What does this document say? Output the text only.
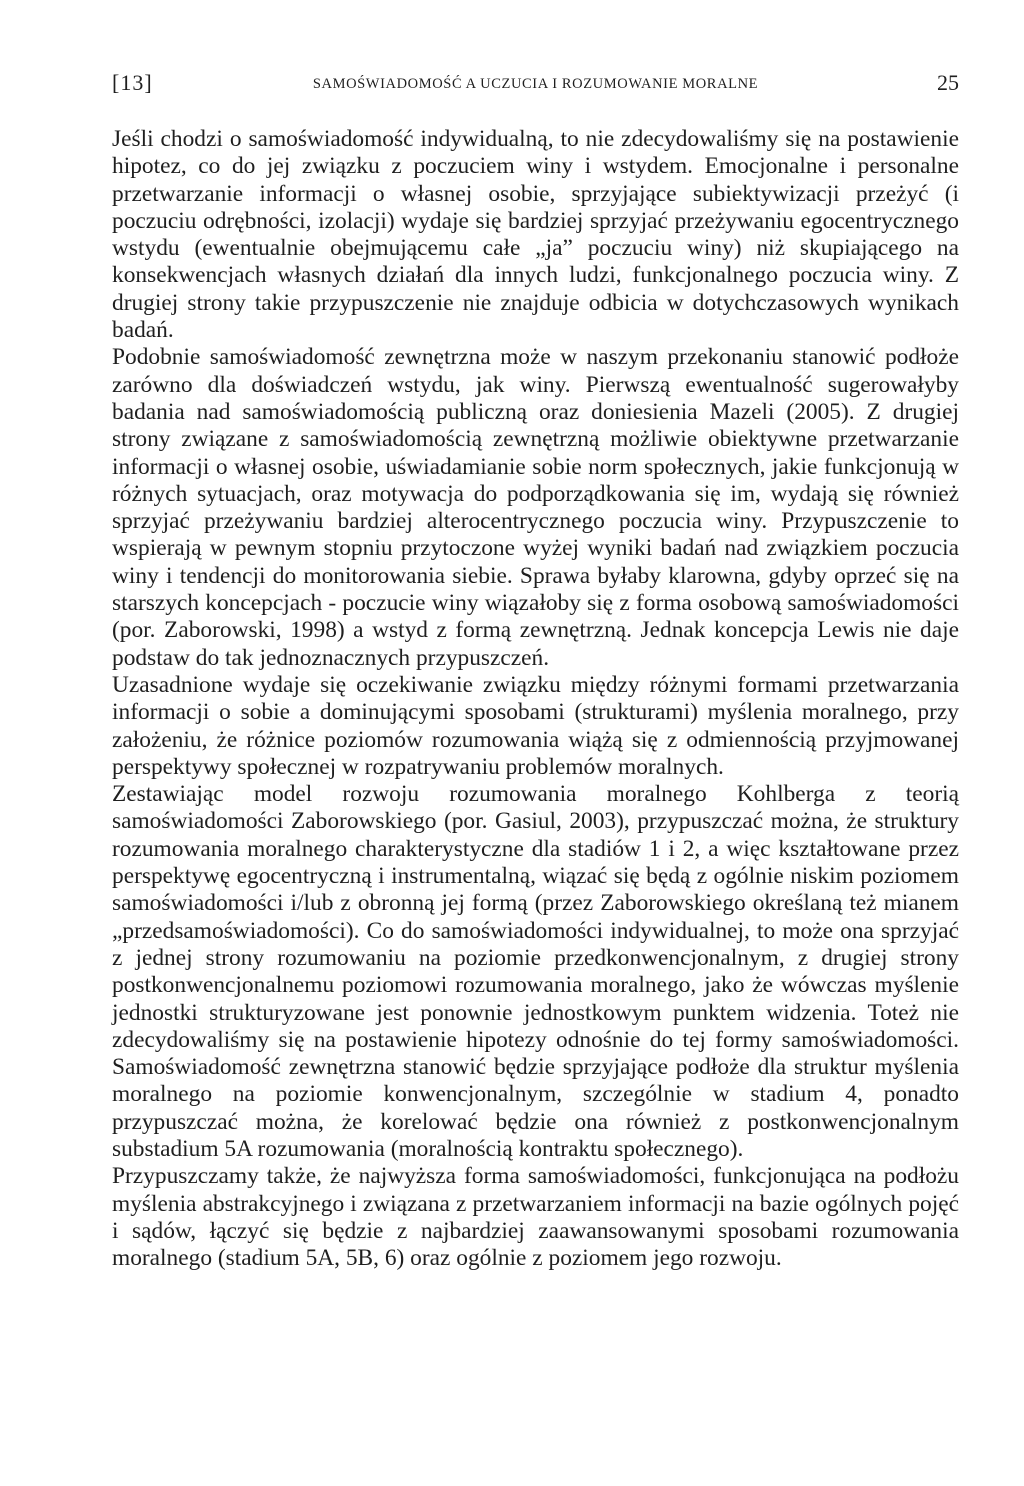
[13]	SAMOŚWIADOMOŚĆ A UCZUCIA I ROZUMOWANIE MORALNE	25

Jeśli chodzi o samoświadomość indywidualną, to nie zdecydowaliśmy się na postawienie hipotez, co do jej związku z poczuciem winy i wstydem. Emocjonalne i personalne przetwarzanie informacji o własnej osobie, sprzyjające subiektywizacji przeżyć (i poczuciu odrębności, izolacji) wydaje się bardziej sprzyjać przeżywaniu egocentrycznego wstydu (ewentualnie obejmującemu całe „ja” poczuciu winy) niż skupiającego na konsekwencjach własnych działań dla innych ludzi, funkcjonalnego poczucia winy. Z drugiej strony takie przypuszczenie nie znajduje odbicia w dotychczasowych wynikach badań.

Podobnie samoświadomość zewnętrzna może w naszym przekonaniu stanowić podłoże zarówno dla doświadczeń wstydu, jak winy. Pierwszą ewentualność sugerowałyby badania nad samoświadomością publiczną oraz doniesienia Mazeli (2005). Z drugiej strony związane z samoświadomością zewnętrzną możliwie obiektywne przetwarzanie informacji o własnej osobie, uświadamianie sobie norm społecznych, jakie funkcjonują w różnych sytuacjach, oraz motywacja do podporządkowania się im, wydają się również sprzyjać przeżywaniu bardziej alterocentrycznego poczucia winy. Przypuszczenie to wspierają w pewnym stopniu przytoczone wyżej wyniki badań nad związkiem poczucia winy i tendencji do monitorowania siebie. Sprawa byłaby klarowna, gdyby oprzeć się na starszych koncepcjach - poczucie winy wiązałoby się z forma osobową samoświadomości (por. Zaborowski, 1998) a wstyd z formą zewnętrzną. Jednak koncepcja Lewis nie daje podstaw do tak jednoznacznych przypuszczeń.

Uzasadnione wydaje się oczekiwanie związku między różnymi formami przetwarzania informacji o sobie a dominującymi sposobami (strukturami) myślenia moralnego, przy założeniu, że różnice poziomów rozumowania wiążą się z odmiennością przyjmowanej perspektywy społecznej w rozpatrywaniu problemów moralnych.

Zestawiając model rozwoju rozumowania moralnego Kohlberga z teorią samoświadomości Zaborowskiego (por. Gasiul, 2003), przypuszczać można, że struktury rozumowania moralnego charakterystyczne dla stadiów 1 i 2, a więc kształtowane przez perspektywę egocentryczną i instrumentalną, wiązać się będą z ogólnie niskim poziomem samoświadomości i/lub z obronną jej formą (przez Zaborowskiego określaną też mianem „przedsamoświadomości). Co do samoświadomości indywidualnej, to może ona sprzyjać z jednej strony rozumowaniu na poziomie przedkonwencjonalnym, z drugiej strony postkonwencjonalnemu poziomowi rozumowania moralnego, jako że wówczas myślenie jednostki strukturyzowane jest ponownie jednostkowym punktem widzenia. Toteż nie zdecydowaliśmy się na postawienie hipotezy odnośnie do tej formy samoświadomości. Samoświadomość zewnętrzna stanowić będzie sprzyjające podłoże dla struktur myślenia moralnego na poziomie konwencjonalnym, szczególnie w stadium 4, ponadto przypuszczać można, że korelować będzie ona również z postkonwencjonalnym substadium 5A rozumowania (moralnością kontraktu społecznego).

Przypuszczamy także, że najwyższa forma samoświadomości, funkcjonująca na podłożu myślenia abstrakcyjnego i związana z przetwarzaniem informacji na bazie ogólnych pojęć i sądów, łączyć się będzie z najbardziej zaawansowanymi sposobami rozumowania moralnego (stadium 5A, 5B, 6) oraz ogólnie z poziomem jego rozwoju.
